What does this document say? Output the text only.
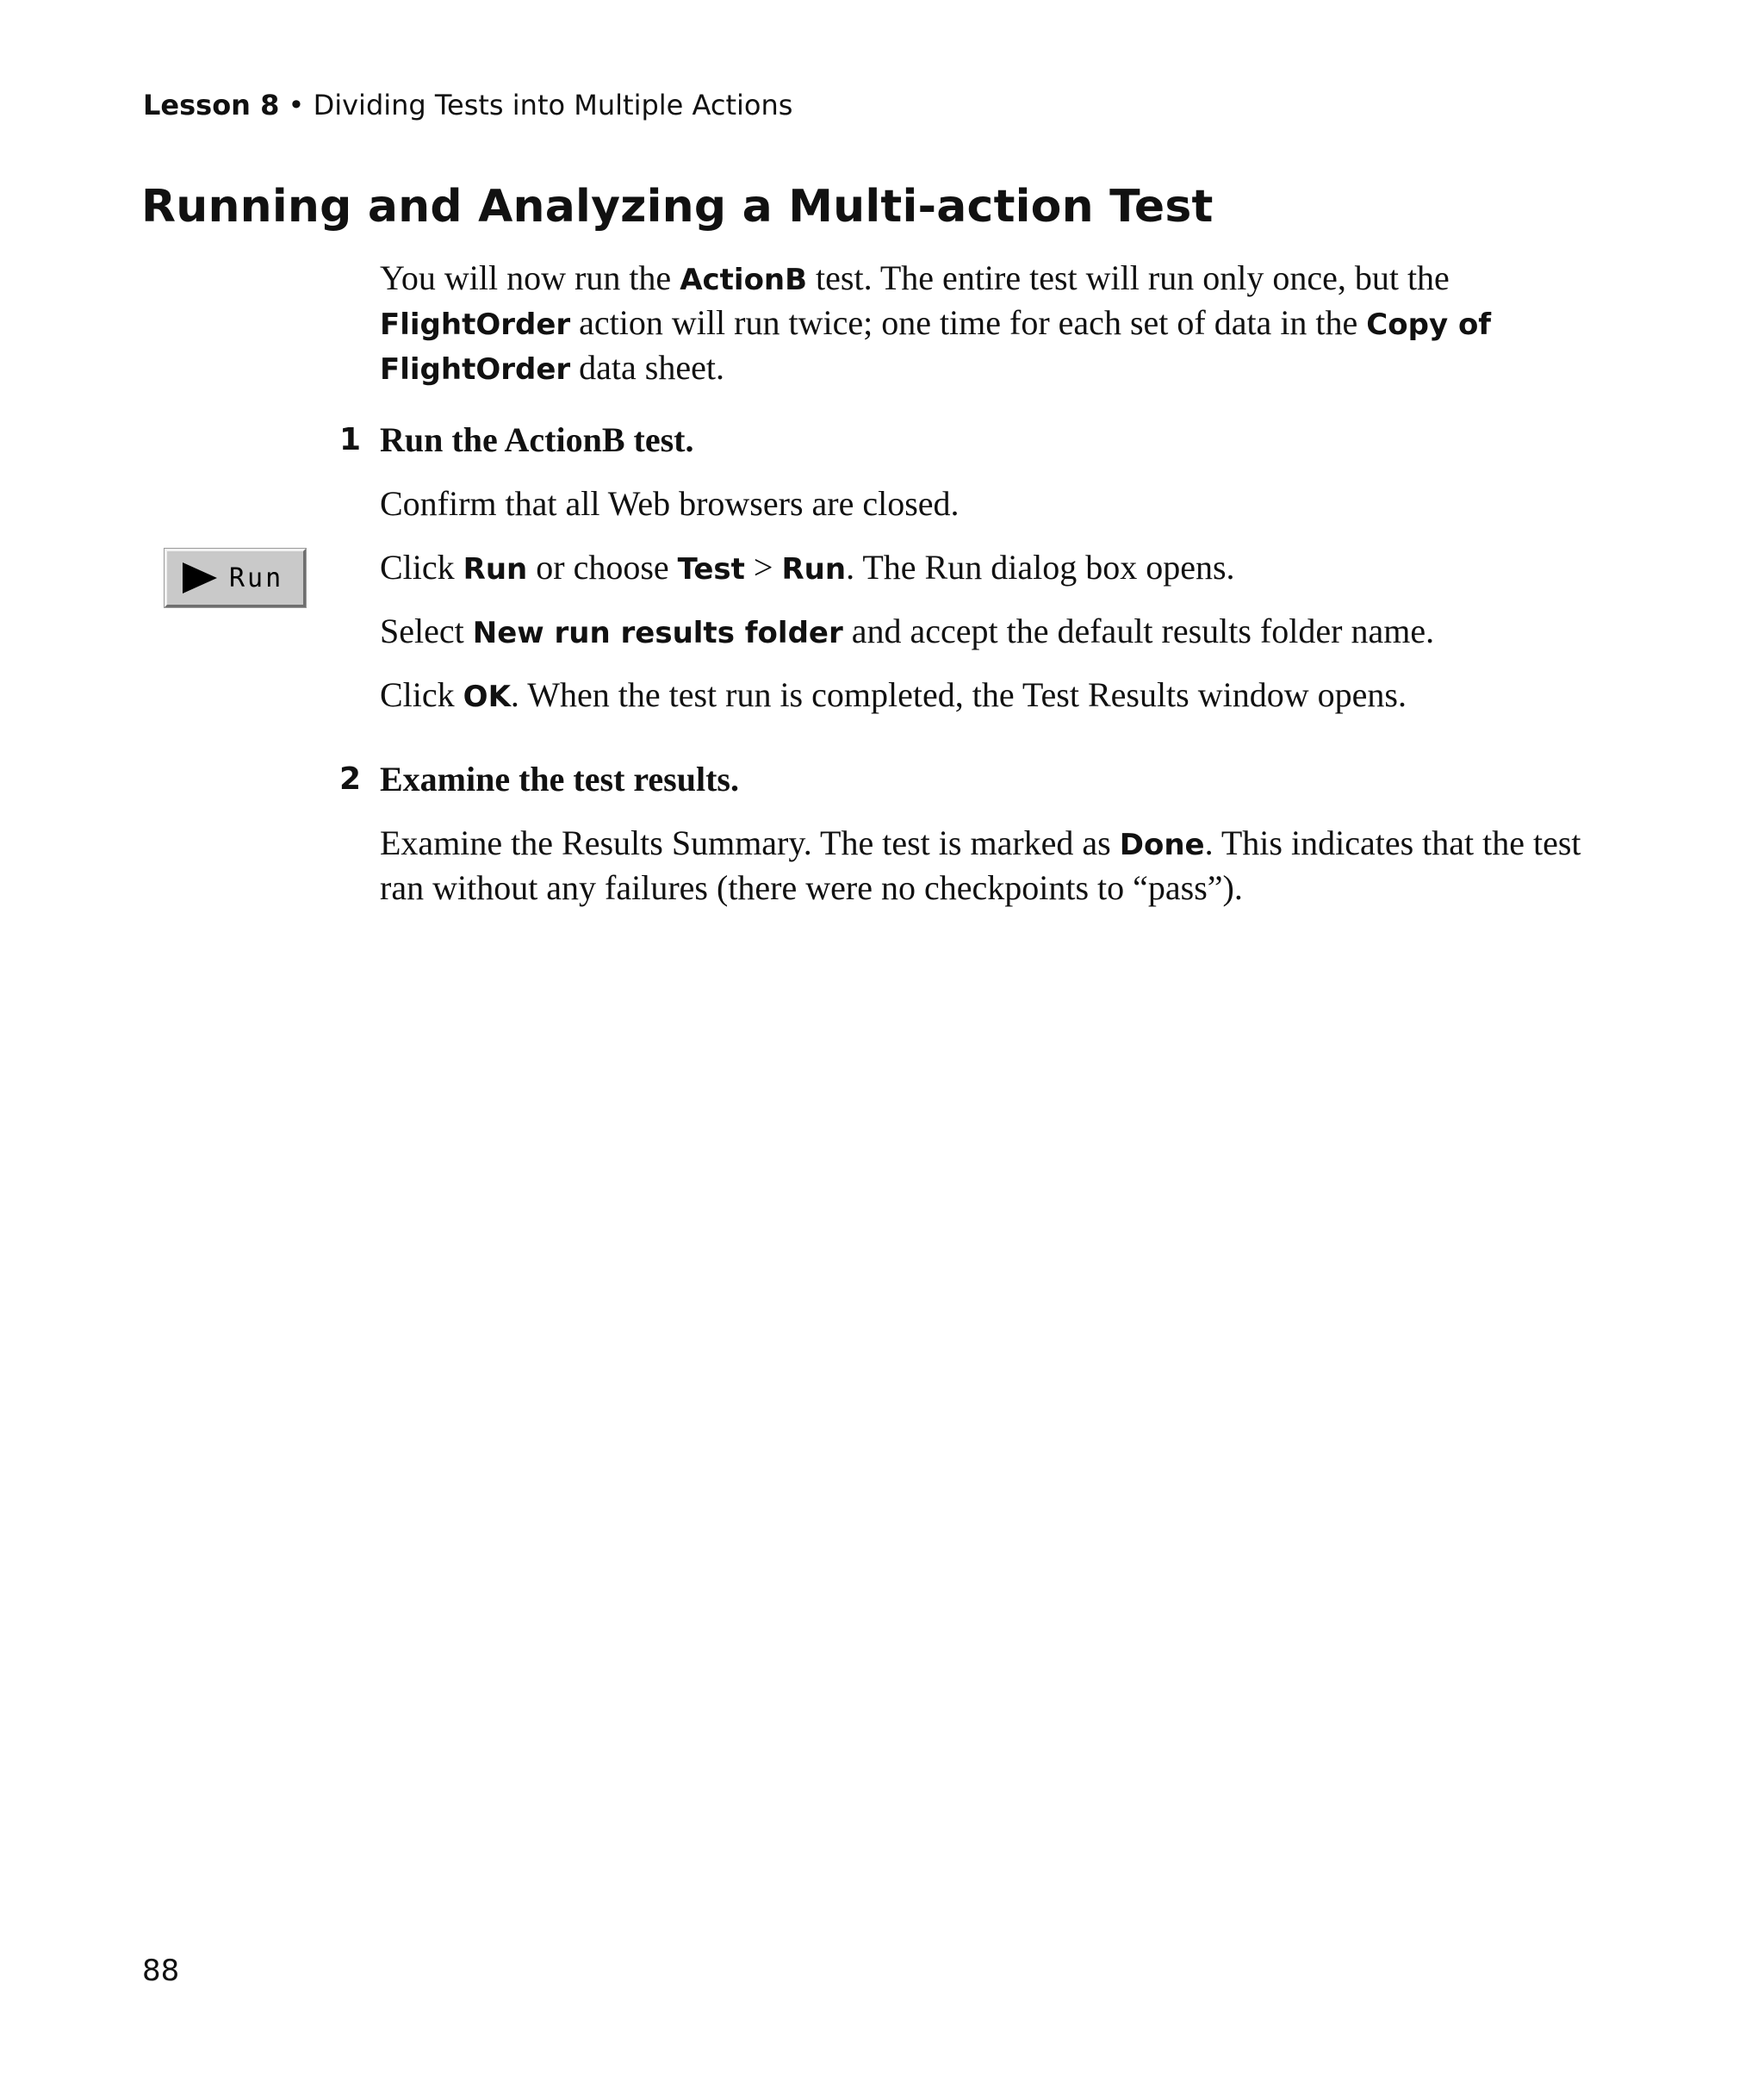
Lesson 8 • Dividing Tests into Multiple Actions
Running and Analyzing a Multi-action Test

You will now run the ActionB test. The entire test will run only once, but the FlightOrder action will run twice; one time for each set of data in the Copy of FlightOrder data sheet.

1 Run the ActionB test.

Confirm that all Web browsers are closed.

Run	Click Run or choose Test > Run. The Run dialog box opens.

Select New run results folder and accept the default results folder name.

Click OK. When the test run is completed, the Test Results window opens.

2 Examine the test results.

Examine the Results Summary. The test is marked as Done. This indicates that the test ran without any failures (there were no checkpoints to “pass”).

88
